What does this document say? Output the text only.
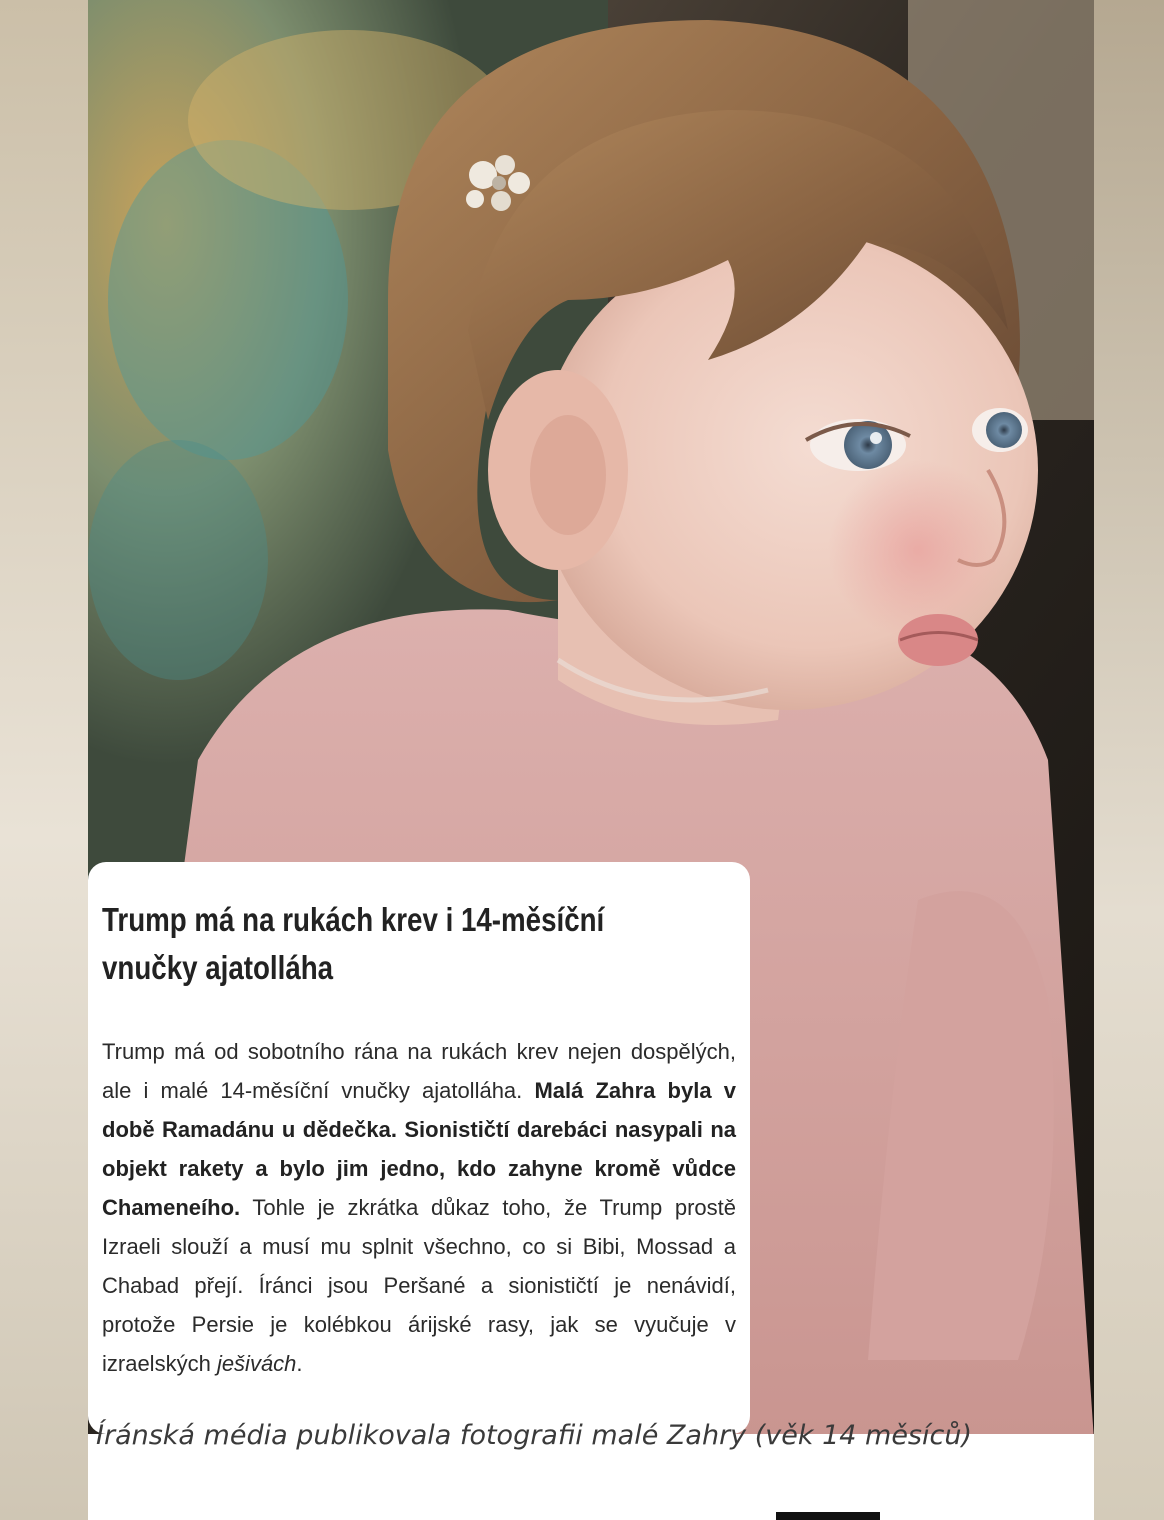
Trump má na rukách krev i 14-měsíční
vnučky ajatolláha
Trump má od sobotního rána na rukách krev nejen dospělých, ale i malé 14-měsíční vnučky ajatolláha. Malá Zahra byla v době Ramadánu u dědečka. Sionističtí darebáci nasypali na objekt rakety a bylo jim jedno, kdo zahyne kromě vůdce Chameneího. Tohle je zkrátka důkaz toho, že Trump prostě Izraeli slouží a musí mu splnit všechno, co si Bibi, Mossad a Chabad přejí. Íránci jsou Peršané a sionističtí je nenávidí, protože Persie je kolébkou árijské rasy, jak se vyučuje v izraelských ješivách.
Íránská média publikovala fotografii malé Zahry (věk 14 měsíců)
